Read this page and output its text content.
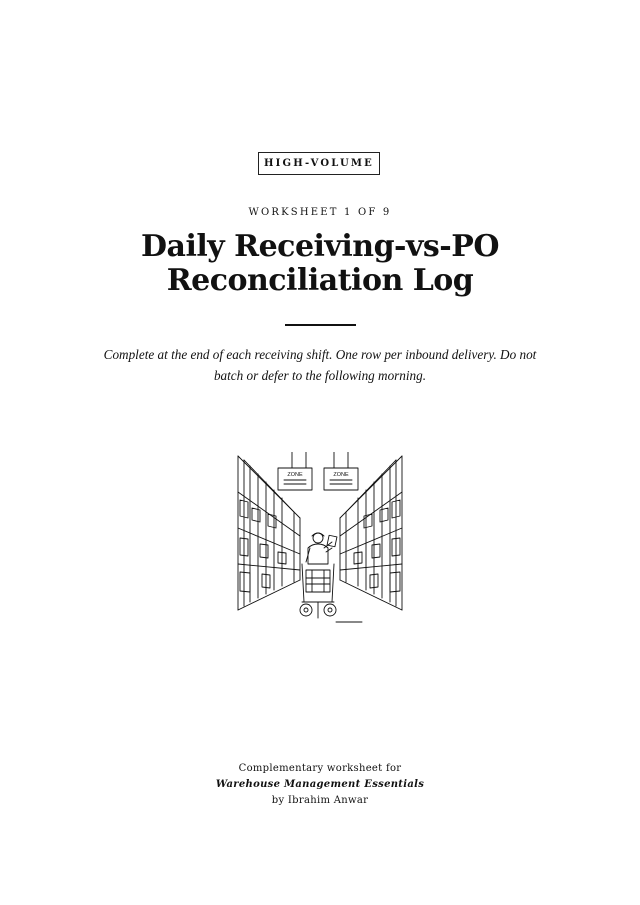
HIGH-VOLUME
WORKSHEET 1 OF 9
Daily Receiving-vs-PO
Reconciliation Log
Complete at the end of each receiving shift. One row per inbound delivery. Do not
batch or defer to the following morning.
ZONE	ZONE
Complementary worksheet for
Warehouse Management Essentials
by Ibrahim Anwar
